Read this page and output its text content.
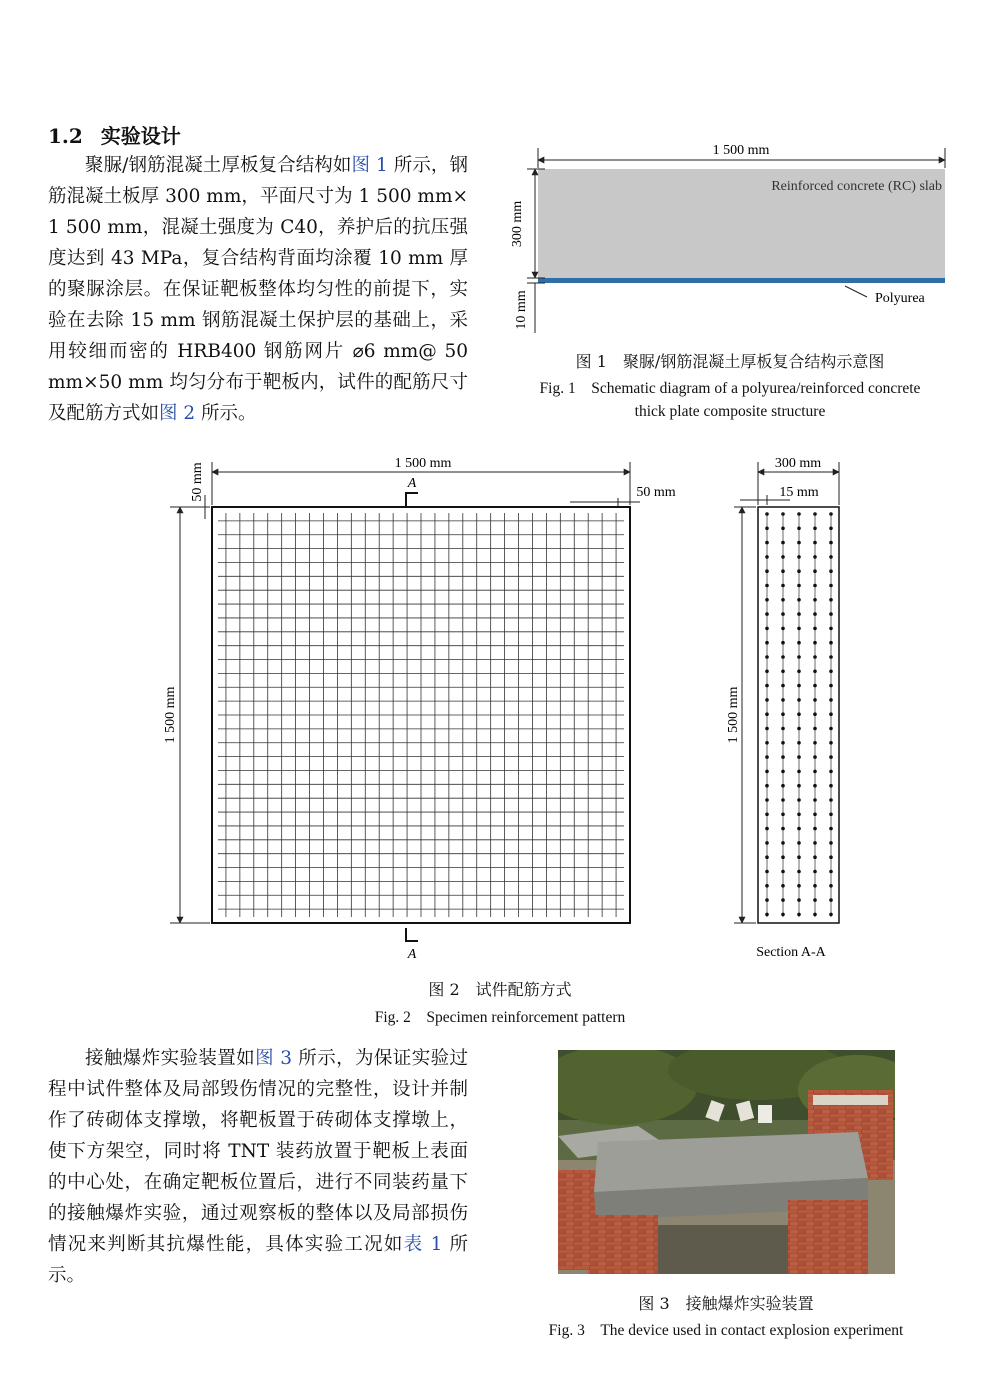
1.2 实验设计

聚脲/钢筋混凝土厚板复合结构如图 1 所示，钢筋混凝土板厚 300 mm，平面尺寸为 1 500 mm× 1 500 mm，混凝土强度为 C40，养护后的抗压强度达到 43 MPa，复合结构背面均涂覆 10 mm 厚的聚脲涂层。在保证靶板整体均匀性的前提下，实验在去除 15 mm 钢筋混凝土保护层的基础上，采用较细而密的 HRB400 钢筋网片 ⌀6 mm@ 50 mm×50 mm 均匀分布于靶板内，试件的配筋尺寸及配筋方式如图 2 所示。

1 500 mm
Reinforced concrete (RC) slab
300 mm
10 mm	Polyurea
图 1　聚脲/钢筋混凝土厚板复合结构示意图
Fig. 1　Schematic diagram of a polyurea/reinforced concrete
thick plate composite structure
1 500 mm
50 mm	50 mm
1 500 mm
A
A
300 mm
15 mm
1 500 mm
Section A-A
图 2　试件配筋方式
Fig. 2　Specimen reinforcement pattern

接触爆炸实验装置如图 3 所示，为保证实验过程中试件整体及局部毁伤情况的完整性，设计并制作了砖砌体支撑墩，将靶板置于砖砌体支撑墩上，使下方架空，同时将 TNT 装药放置于靶板上表面的中心处，在确定靶板位置后，进行不同装药量下的接触爆炸实验，通过观察板的整体以及局部损伤情况来判断其抗爆性能，具体实验工况如表 1 所示。

图 3　接触爆炸实验装置
Fig. 3　The device used in contact explosion experiment
